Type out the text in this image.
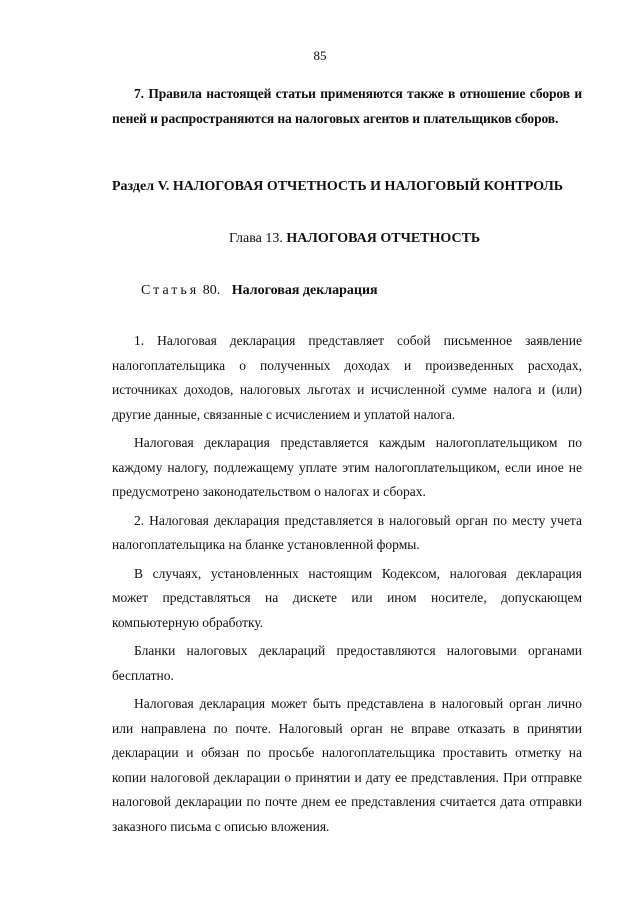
85

7. Правила настоящей статьи применяются также в отношение сборов и пеней и распространяются на налоговых агентов и плательщиков сборов.

Раздел V. НАЛОГОВАЯ ОТЧЕТНОСТЬ И НАЛОГОВЫЙ КОНТРОЛЬ
Глава 13. НАЛОГОВАЯ ОТЧЕТНОСТЬ
Статья 80. Налоговая декларация

1. Налоговая декларация представляет собой письменное заявление налогоплательщика о полученных доходах и произведенных расходах, источниках доходов, налоговых льготах и исчисленной сумме налога и (или) другие данные, связанные с исчислением и уплатой налога.

Налоговая декларация представляется каждым налогоплательщиком по каждому налогу, подлежащему уплате этим налогоплательщиком, если иное не предусмотрено законодательством о налогах и сборах.

2. Налоговая декларация представляется в налоговый орган по месту учета налогоплательщика на бланке установленной формы.

В случаях, установленных настоящим Кодексом, налоговая декларация может представляться на дискете или ином носителе, допускающем компьютерную обработку.

Бланки налоговых деклараций предоставляются налоговыми органами бесплатно.

Налоговая декларация может быть представлена в налоговый орган лично или направлена по почте. Налоговый орган не вправе отказать в принятии декларации и обязан по просьбе налогоплательщика проставить отметку на копии налоговой декларации о принятии и дату ее представления. При отправке налоговой декларации по почте днем ее представления считается дата отправки заказного письма с описью вложения.
